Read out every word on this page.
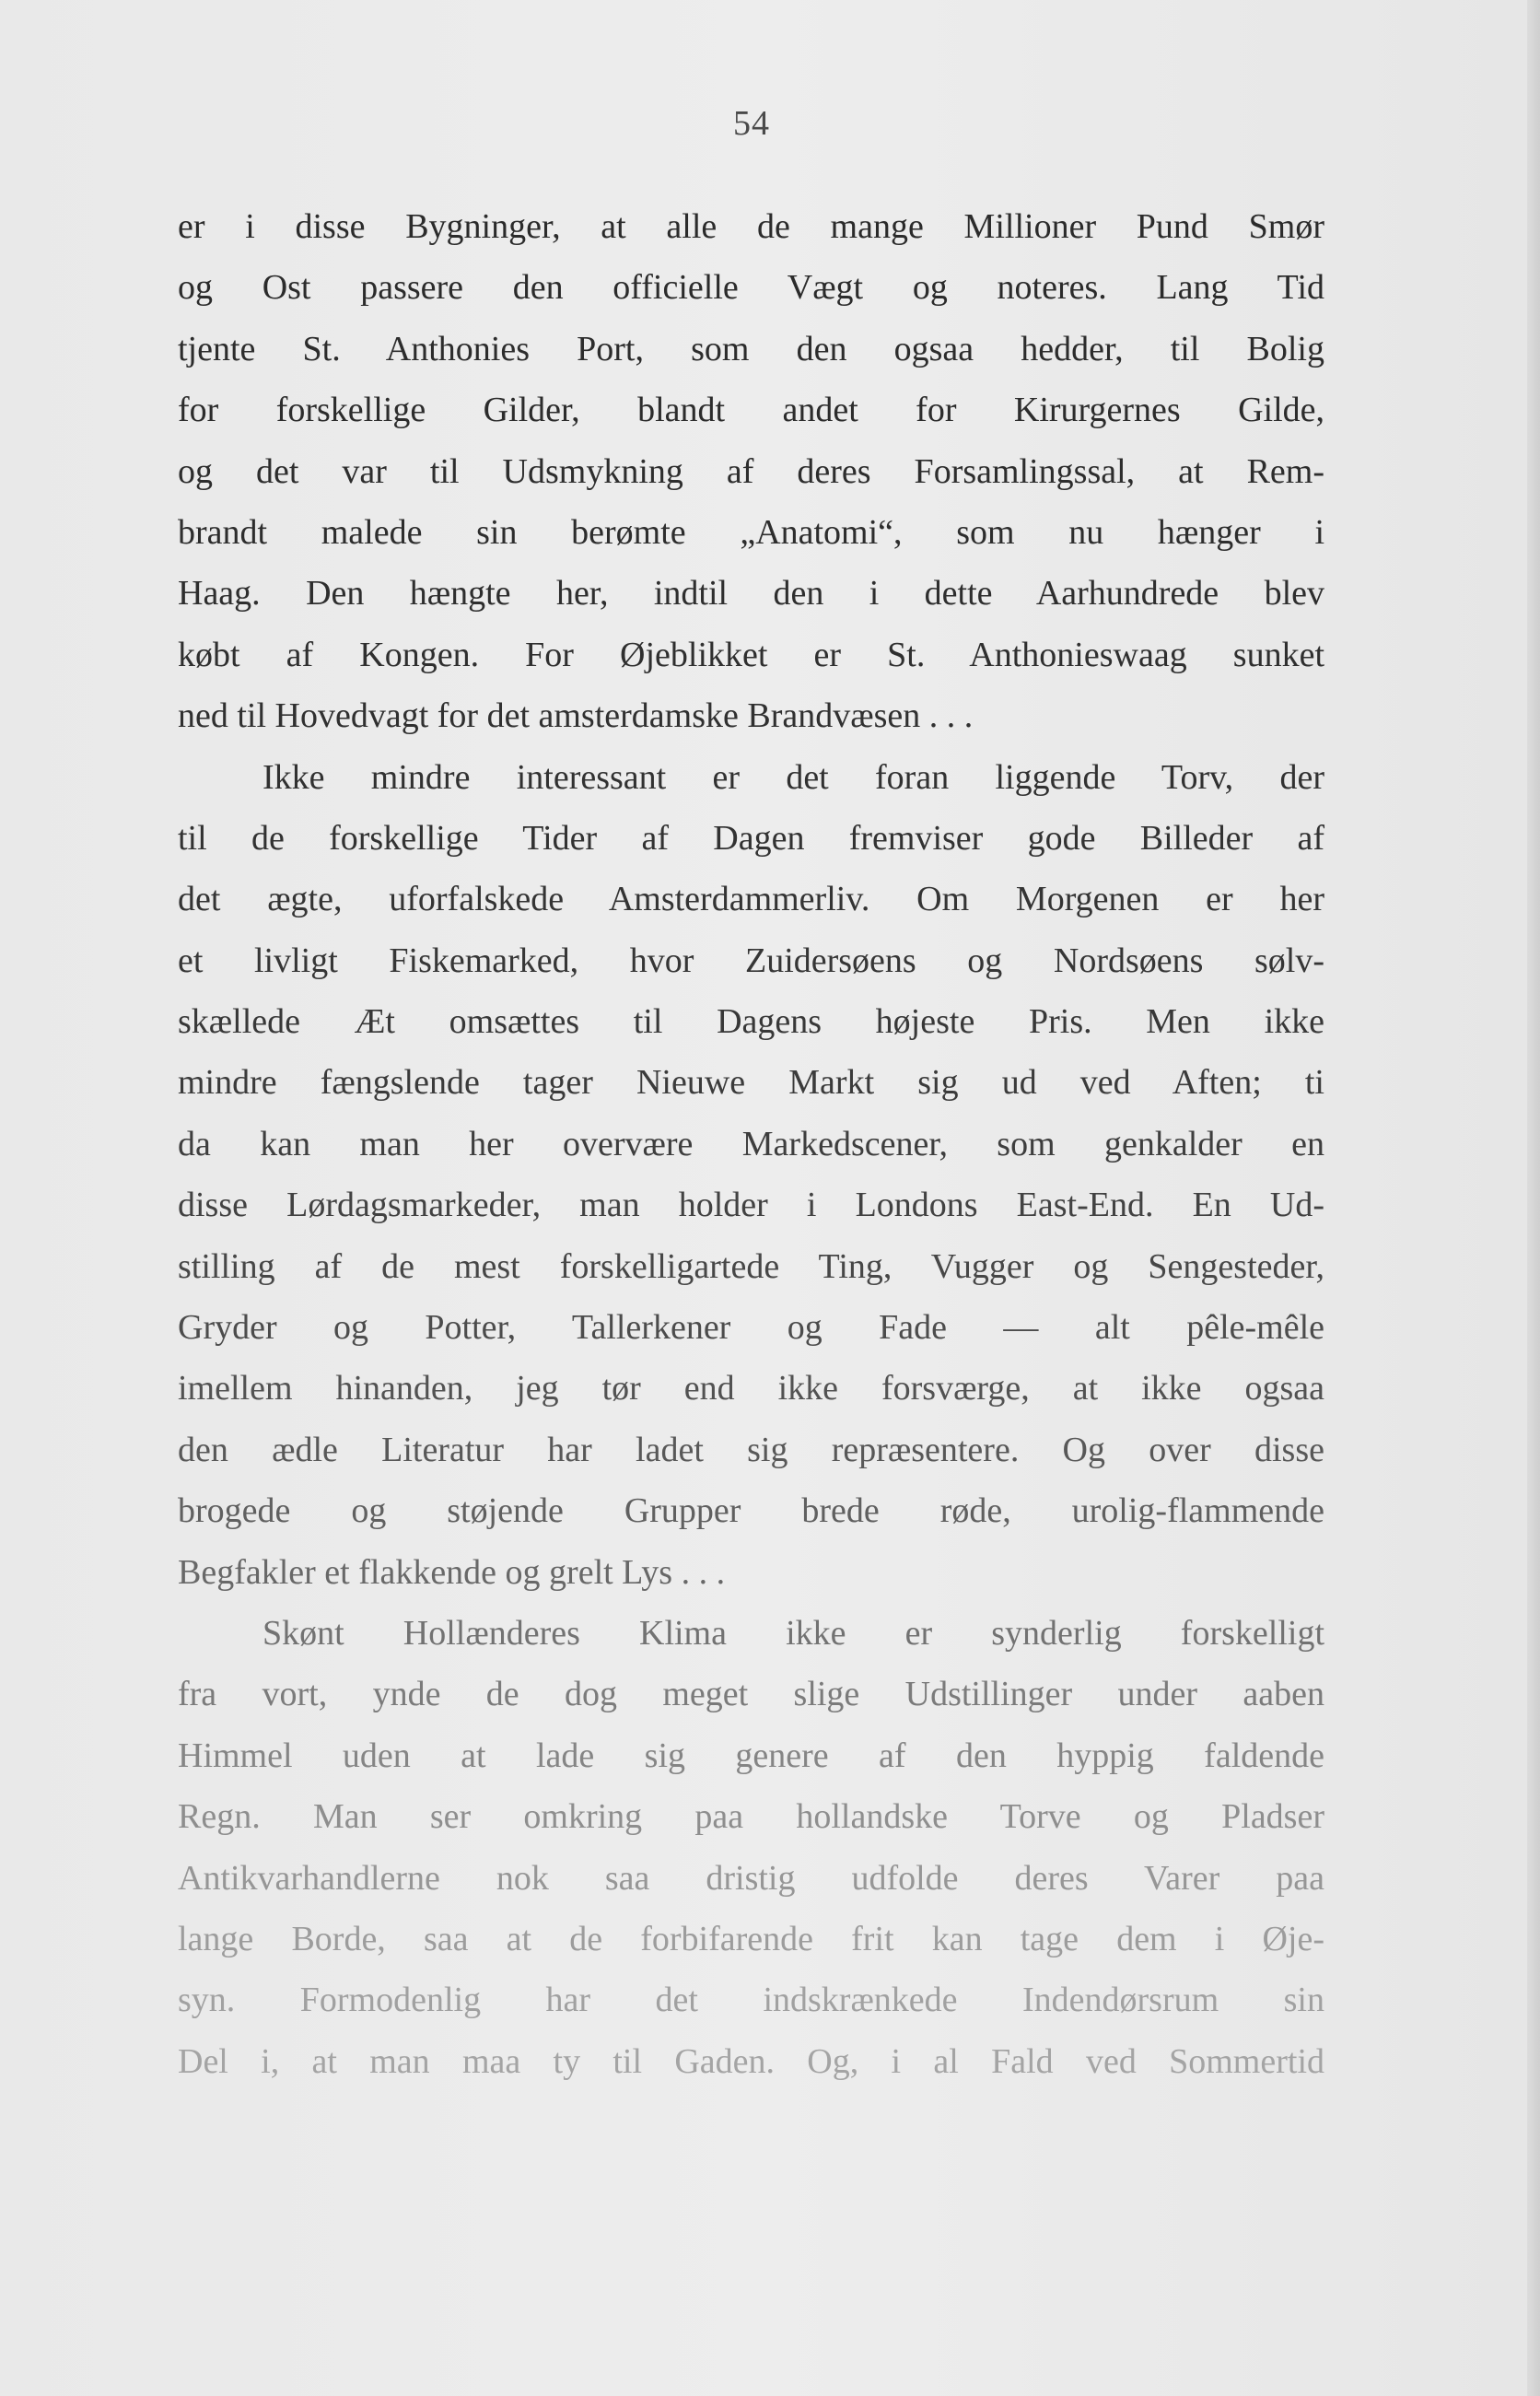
54
er i disse Bygninger, at alle de mange Millioner Pund Smør
og Ost passere den officielle Vægt og noteres. Lang Tid
tjente St. Anthonies Port, som den ogsaa hedder, til Bolig
for forskellige Gilder, blandt andet for Kirurgernes Gilde,
og det var til Udsmykning af deres Forsamlingssal, at Rem-
brandt malede sin berømte „Anatomi“, som nu hænger i
Haag. Den hængte her, indtil den i dette Aarhundrede blev
købt af Kongen. For Øjeblikket er St. Anthonieswaag sunket
ned til Hovedvagt for det amsterdamske Brandvæsen . . .
Ikke mindre interessant er det foran liggende Torv, der
til de forskellige Tider af Dagen fremviser gode Billeder af
det ægte, uforfalskede Amsterdammerliv. Om Morgenen er her
et livligt Fiskemarked, hvor Zuidersøens og Nordsøens sølv-
skællede Æt omsættes til Dagens højeste Pris. Men ikke
mindre fængslende tager Nieuwe Markt sig ud ved Aften; ti
da kan man her overvære Markedscener, som genkalder en
disse Lørdagsmarkeder, man holder i Londons East-End. En Ud-
stilling af de mest forskelligartede Ting, Vugger og Sengesteder,
Gryder og Potter, Tallerkener og Fade — alt pêle-mêle
imellem hinanden, jeg tør end ikke forsværge, at ikke ogsaa
den ædle Literatur har ladet sig repræsentere. Og over disse
brogede og støjende Grupper brede røde, urolig-flammende
Begfakler et flakkende og grelt Lys . . .
Skønt Hollænderes Klima ikke er synderlig forskelligt
fra vort, ynde de dog meget slige Udstillinger under aaben
Himmel uden at lade sig genere af den hyppig faldende
Regn. Man ser omkring paa hollandske Torve og Pladser
Antikvarhandlerne nok saa dristig udfolde deres Varer paa
lange Borde, saa at de forbifarende frit kan tage dem i Øje-
syn. Formodenlig har det indskrænkede Indendørsrum sin
Del i, at man maa ty til Gaden. Og, i al Fald ved Sommertid
